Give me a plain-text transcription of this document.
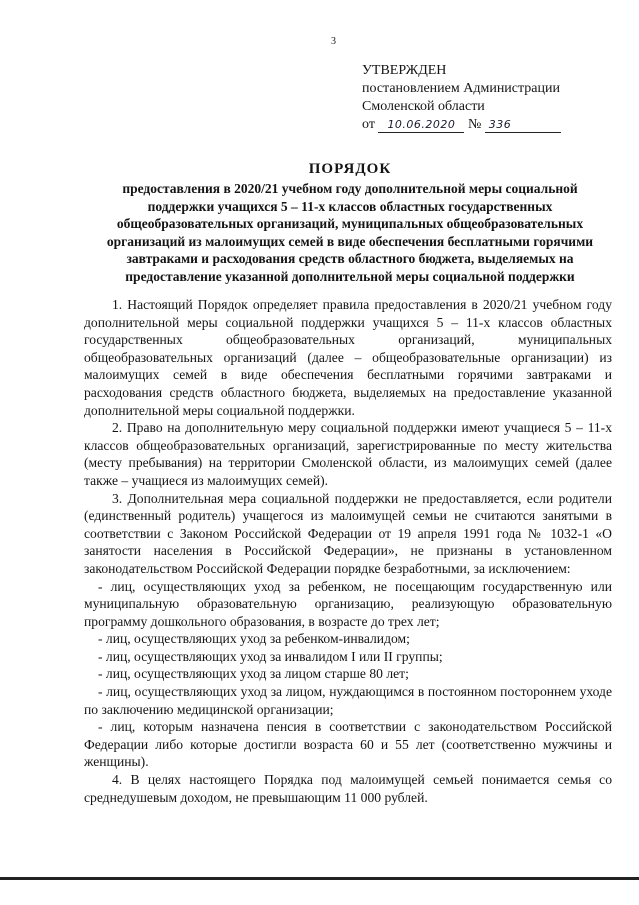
3
УТВЕРЖДЕН
постановлением Администрации
Смоленской области
от 10.06.2020 № 336
ПОРЯДОК
предоставления в 2020/21 учебном году дополнительной меры социальной
поддержки учащихся 5 – 11-х классов областных государственных
общеобразовательных организаций, муниципальных общеобразовательных
организаций из малоимущих семей в виде обеспечения бесплатными горячими
завтраками и расходования средств областного бюджета, выделяемых на
предоставление указанной дополнительной меры социальной поддержки

1. Настоящий Порядок определяет правила предоставления в 2020/21 учебном году дополнительной меры социальной поддержки учащихся 5 – 11-х классов областных государственных общеобразовательных организаций, муниципальных общеобразовательных организаций (далее – общеобразовательные организации) из малоимущих семей в виде обеспечения бесплатными горячими завтраками и расходования средств областного бюджета, выделяемых на предоставление указанной дополнительной меры социальной поддержки.

2. Право на дополнительную меру социальной поддержки имеют учащиеся 5 – 11-х классов общеобразовательных организаций, зарегистрированные по месту жительства (месту пребывания) на территории Смоленской области, из малоимущих семей (далее также – учащиеся из малоимущих семей).

3. Дополнительная мера социальной поддержки не предоставляется, если родители (единственный родитель) учащегося из малоимущей семьи не считаются занятыми в соответствии с Законом Российской Федерации от 19 апреля 1991 года № 1032-1 «О занятости населения в Российской Федерации», не признаны в установленном законодательством Российской Федерации порядке безработными, за исключением:

- лиц, осуществляющих уход за ребенком, не посещающим государственную или муниципальную образовательную организацию, реализующую образовательную программу дошкольного образования, в возрасте до трех лет;

- лиц, осуществляющих уход за ребенком-инвалидом;

- лиц, осуществляющих уход за инвалидом I или II группы;

- лиц, осуществляющих уход за лицом старше 80 лет;

- лиц, осуществляющих уход за лицом, нуждающимся в постоянном постороннем уходе по заключению медицинской организации;

- лиц, которым назначена пенсия в соответствии с законодательством Российской Федерации либо которые достигли возраста 60 и 55 лет (соответственно мужчины и женщины).

4. В целях настоящего Порядка под малоимущей семьей понимается семья со среднедушевым доходом, не превышающим 11 000 рублей.
